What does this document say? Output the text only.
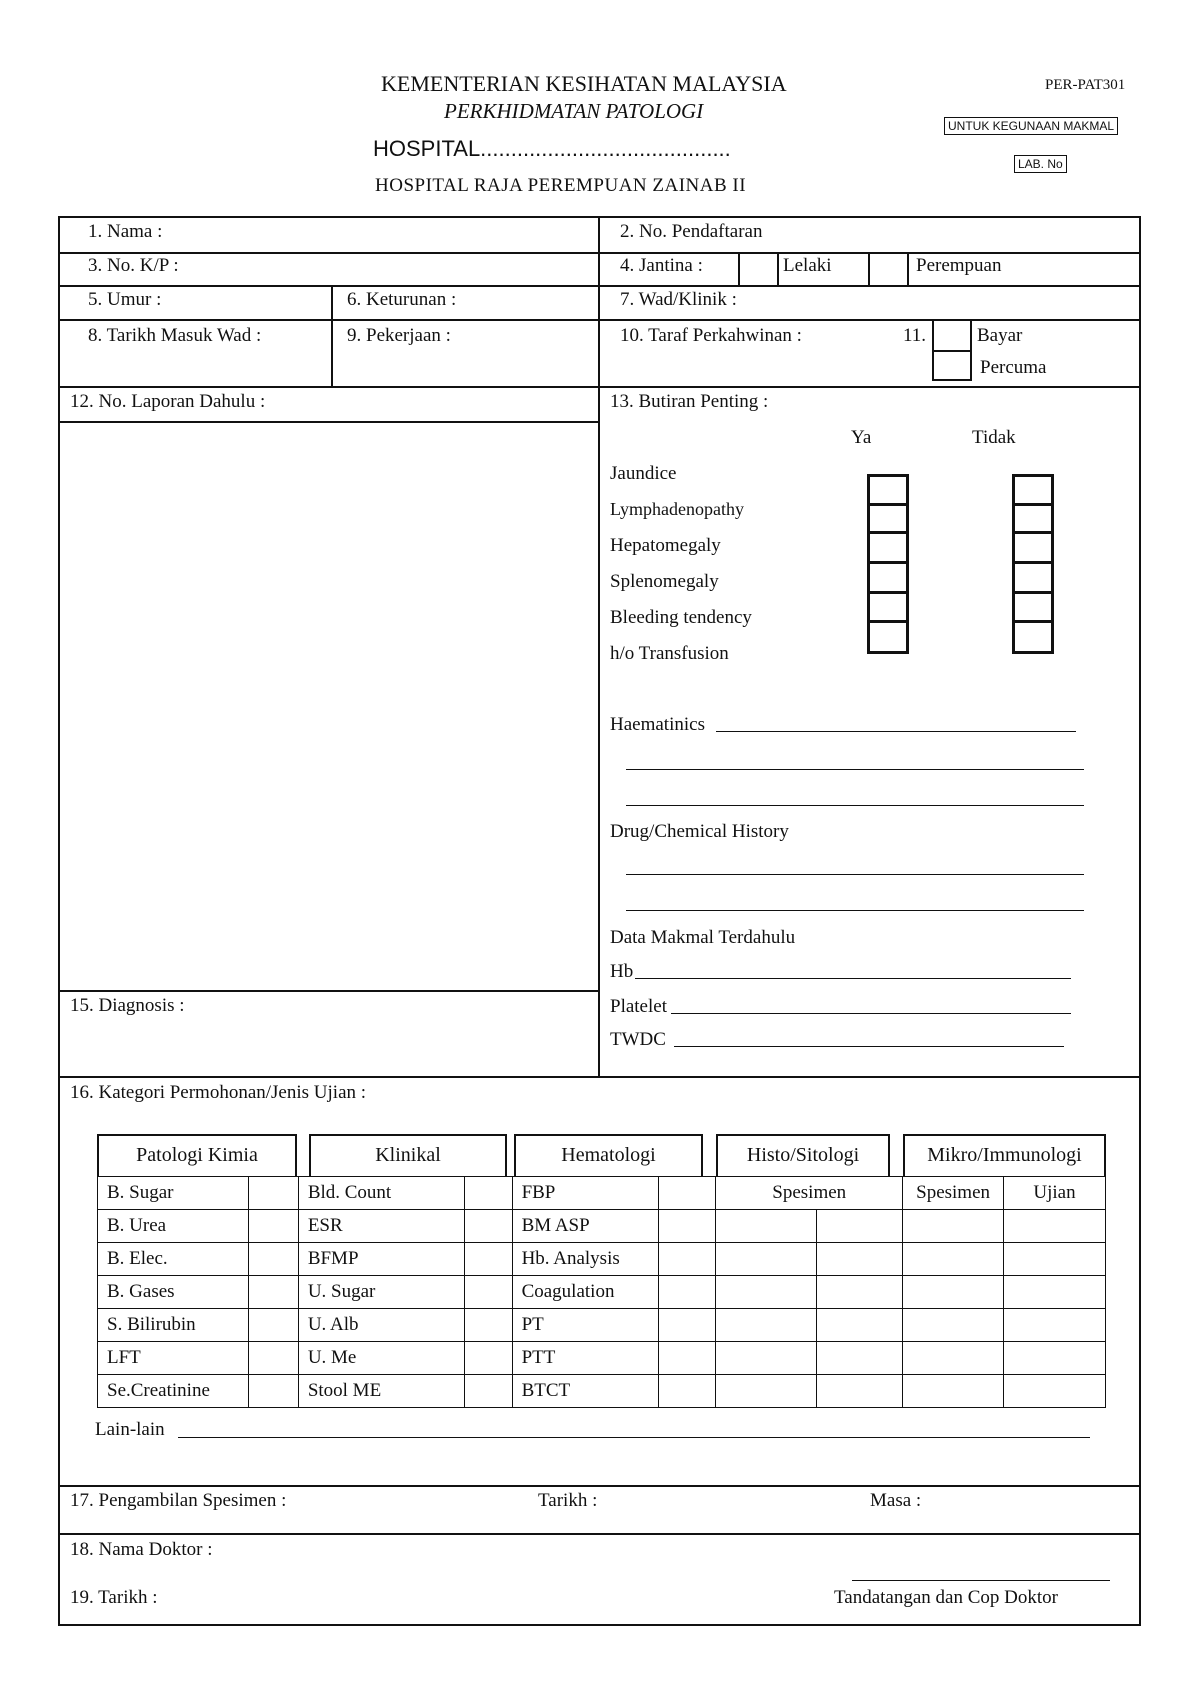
KEMENTERIAN KESIHATAN MALAYSIA
PERKHIDMATAN PATOLOGI
HOSPITAL.........................................
HOSPITAL RAJA PEREMPUAN ZAINAB II
PER-PAT301
UNTUK KEGUNAAN MAKMAL
LAB. No
1. Nama :	2. No. Pendaftaran
3. No. K/P :	4. Jantina :	Lelaki	Perempuan
5. Umur :	6. Keturunan :	7. Wad/Klinik :
8. Tarikh Masuk Wad :	9. Pekerjaan :	10. Taraf Perkahwinan :	11.	Bayar
Percuma
12. No. Laporan Dahulu :
15. Diagnosis :
13. Butiran Penting :
Ya	Tidak
Jaundice
Lymphadenopathy
Hepatomegaly
Splenomegaly
Bleeding tendency
h/o Transfusion
Haematinics
Drug/Chemical History
Data Makmal Terdahulu
Hb
Platelet
TWDC
16. Kategori Permohonan/Jenis Ujian :
Patologi Kimia	Klinikal	Hematologi	Histo/Sitologi	Mikro/Immunologi
B. Sugar		Bld. Count		FBP		Spesimen		Spesimen	Ujian
B. Urea		ESR		BM ASP					
B. Elec.		BFMP		Hb. Analysis					
B. Gases		U. Sugar		Coagulation					
S. Bilirubin		U. Alb		PT					
LFT		U. Me		PTT					
Se.Creatinine		Stool ME		BTCT					
Lain-lain
17. Pengambilan Spesimen :	Tarikh :	Masa :
18. Nama Doktor :
19. Tarikh :	Tandatangan dan Cop Doktor
